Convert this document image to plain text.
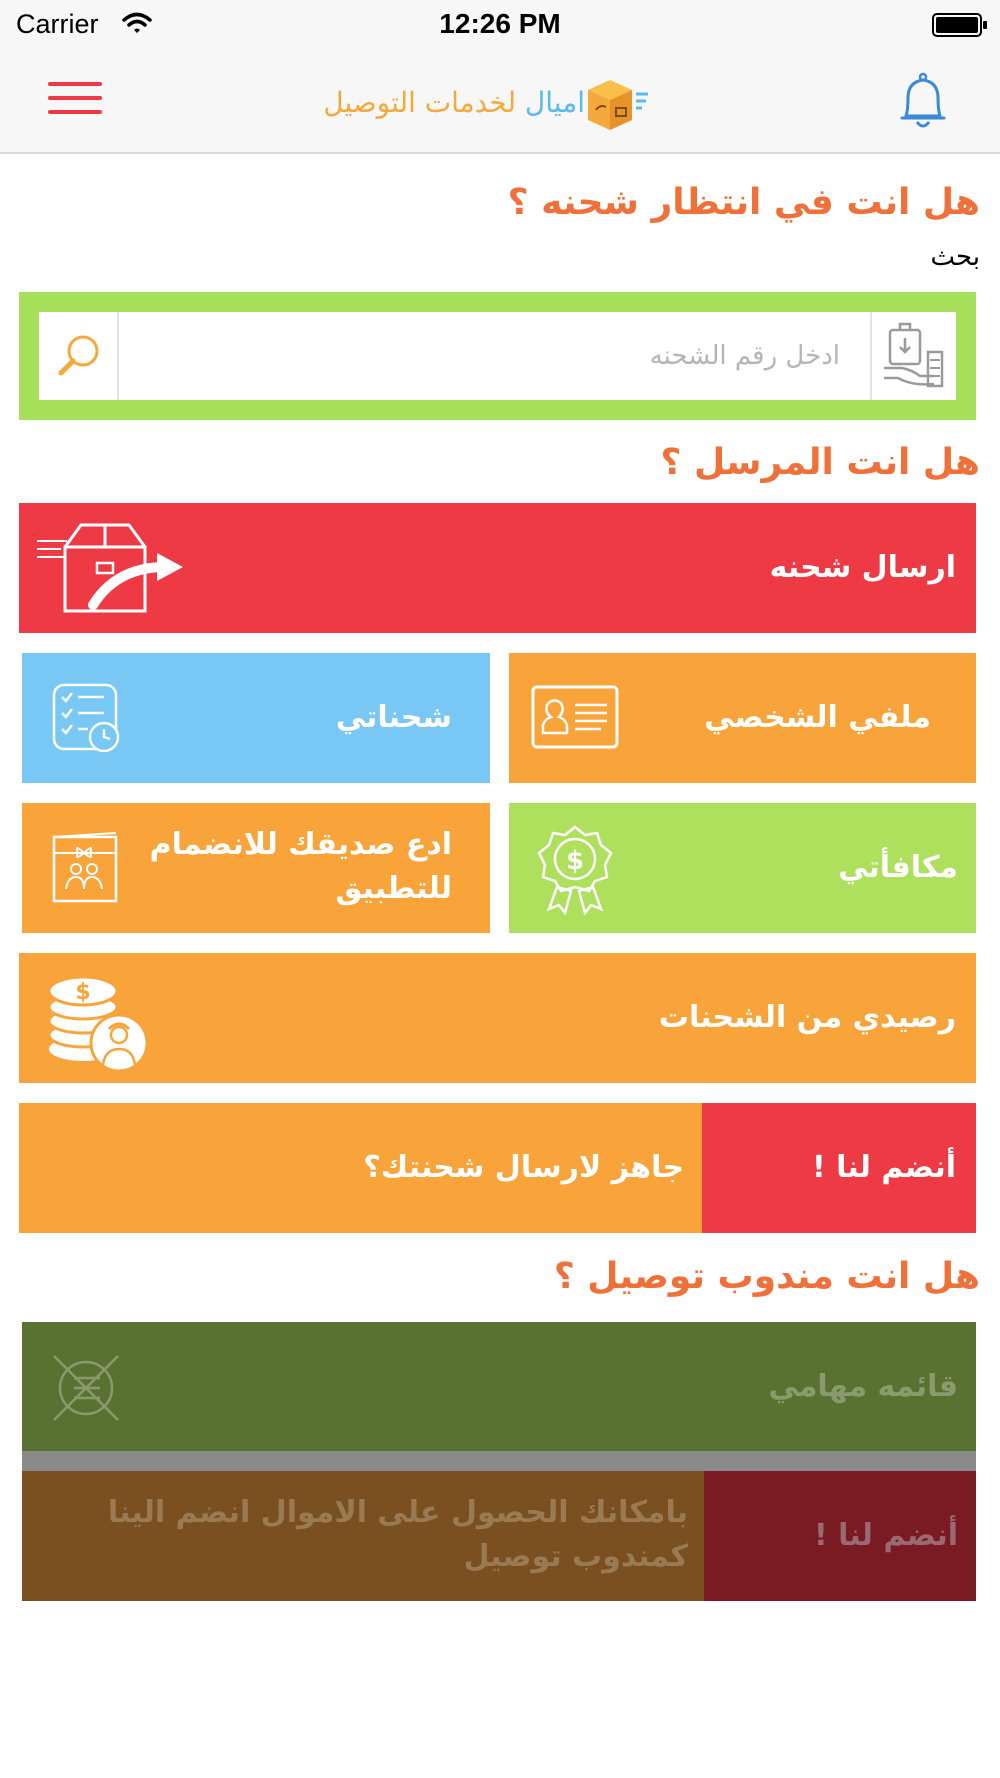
Carrier	12:26 PM
اميال لخدمات التوصيل
هل انت في انتظار شحنه ؟
بحث
ادخل رقم الشحنه
هل انت المرسل ؟
ارسال شحنه
شحناتي	ملفي الشخصي
ادع صديقك للانضمام
للتطبيق
مكافأتي
$
رصيدي من الشحنات
$
جاهز لارسال شحنتك؟	أنضم لنا !
هل انت مندوب توصيل ؟
قائمه مهامي
بامكانك الحصول على الاموال انضم الينا
كمندوب توصيل
أنضم لنا !
